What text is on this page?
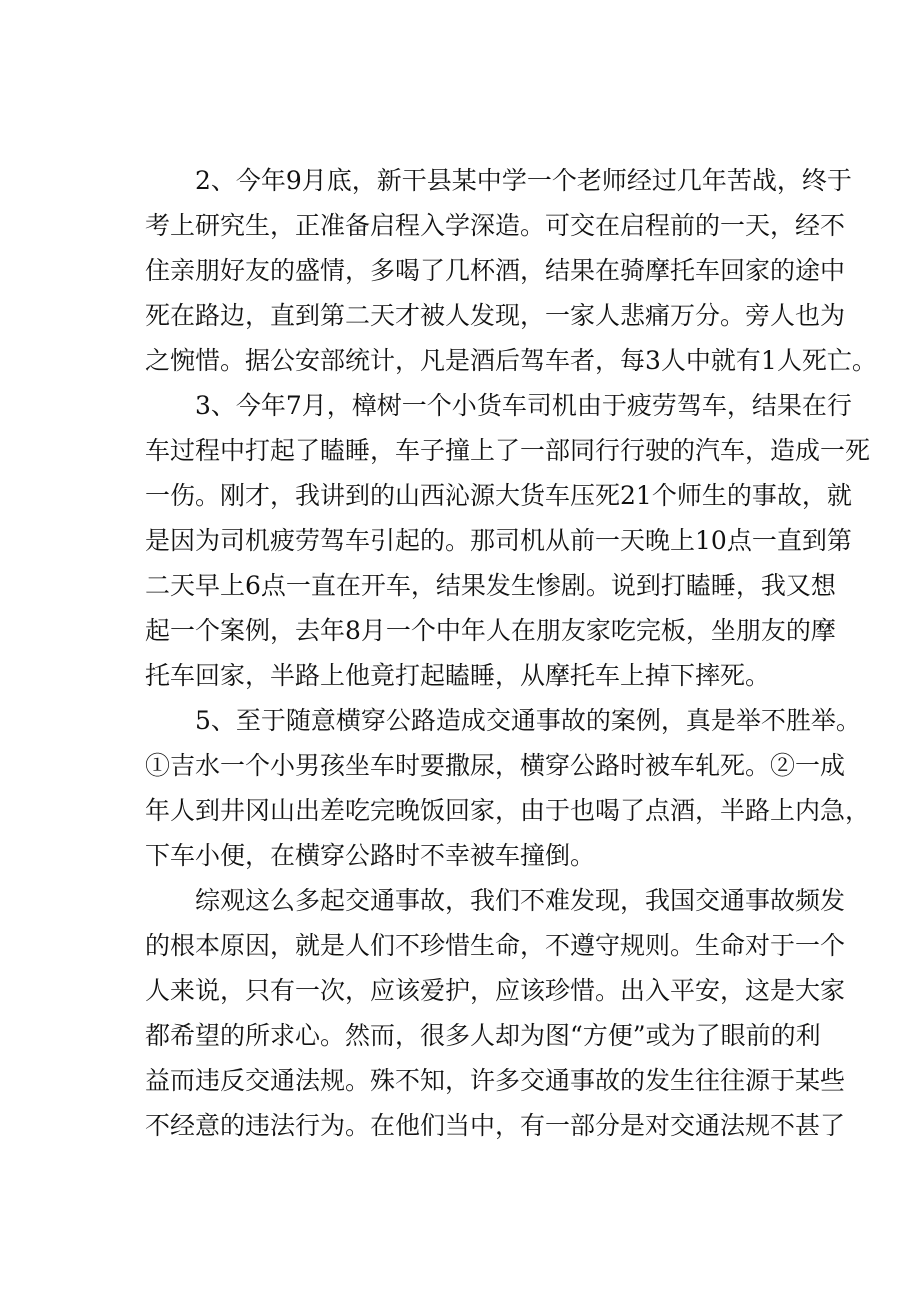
2、今年9月底，新干县某中学一个老师经过几年苦战，终于
考上研究生，正准备启程入学深造。可交在启程前的一天，经不
住亲朋好友的盛情，多喝了几杯酒，结果在骑摩托车回家的途中
死在路边，直到第二天才被人发现，一家人悲痛万分。旁人也为
之惋惜。据公安部统计，凡是酒后驾车者，每3人中就有1人死亡。
3、今年7月，樟树一个小货车司机由于疲劳驾车，结果在行
车过程中打起了瞌睡，车子撞上了一部同行行驶的汽车，造成一死
一伤。刚才，我讲到的山西沁源大货车压死21个师生的事故，就
是因为司机疲劳驾车引起的。那司机从前一天晚上10点一直到第
二天早上6点一直在开车，结果发生惨剧。说到打瞌睡，我又想
起一个案例，去年8月一个中年人在朋友家吃完板，坐朋友的摩
托车回家，半路上他竟打起瞌睡，从摩托车上掉下摔死。
5、至于随意横穿公路造成交通事故的案例，真是举不胜举。
①吉水一个小男孩坐车时要撒尿，横穿公路时被车轧死。②一成
年人到井冈山出差吃完晚饭回家，由于也喝了点酒，半路上内急，
下车小便，在横穿公路时不幸被车撞倒。
综观这么多起交通事故，我们不难发现，我国交通事故频发
的根本原因，就是人们不珍惜生命，不遵守规则。生命对于一个
人来说，只有一次，应该爱护，应该珍惜。出入平安，这是大家
都希望的所求心。然而，很多人却为图“方便”或为了眼前的利
益而违反交通法规。殊不知，许多交通事故的发生往往源于某些
不经意的违法行为。在他们当中，有一部分是对交通法规不甚了
